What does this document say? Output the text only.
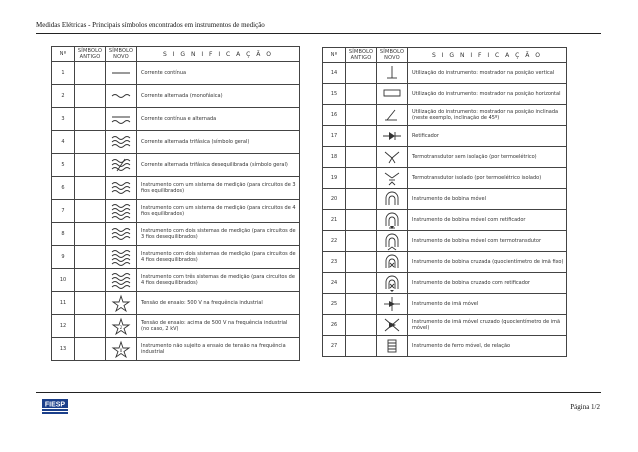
Medidas Elétricas - Principais símbolos encontrados em instrumentos de medição
Nº	SÍMBOLO ANTIGO	SÍMBOLO NOVO	S I G N I F I C A Ç Ã O
1			Corrente contínua
2			Corrente alternada (monofásica)
3			Corrente contínua e alternada
4			Corrente alternada trifásica (símbolo geral)
5			Corrente alternada trifásica desequilibrada (símbolo geral)
6			Instrumento com um sistema de medição (para circuitos de 3 fios equilibrados)
7			Instrumento com um sistema de medição (para circuitos de 4 fios equilibrados)
8			Instrumento com dois sistemas de medição (para circuitos de 3 fios desequilibrados)
9			Instrumento com dois sistemas de medição (para circuitos de 4 fios desequilibrados)
10			Instrumento com três sistemas de medição (para circuitos de 4 fios desequilibrados)
11			Tensão de ensaio: 500 V na frequência industrial
12		2	Tensão de ensaio: acima de 500 V na frequência industrial (no caso, 2 kV)
13		0	Instrumento não sujeito a ensaio de tensão na frequência industrial
Nº	SÍMBOLO ANTIGO	SÍMBOLO NOVO	S I G N I F I C A Ç Ã O
14			Utilização do instrumento: mostrador na posição vertical
15			Utilização do instrumento: mostrador na posição horizontal
16			Utilização do instrumento: mostrador na posição inclinada (neste exemplo, inclinação de 45º)
17			Retificador
18			Termotransdutor sem isolação (por termoelétrico)
19			Termotransdutor isolado (por termoelétrico isolado)
20			Instrumento de bobina móvel
21			Instrumento de bobina móvel com retificador
22			Instrumento de bobina móvel com termotransdutor
23			Instrumento de bobina cruzada (quocientímetro de imã fixo)
24			Instrumento de bobina cruzado com retificador
25			Instrumento de imã móvel
26			Instrumento de imã móvel cruzado (quocientímetro de imã móvel)
27			Instrumento de ferro móvel, de relação
FIESP	Página 1/2
